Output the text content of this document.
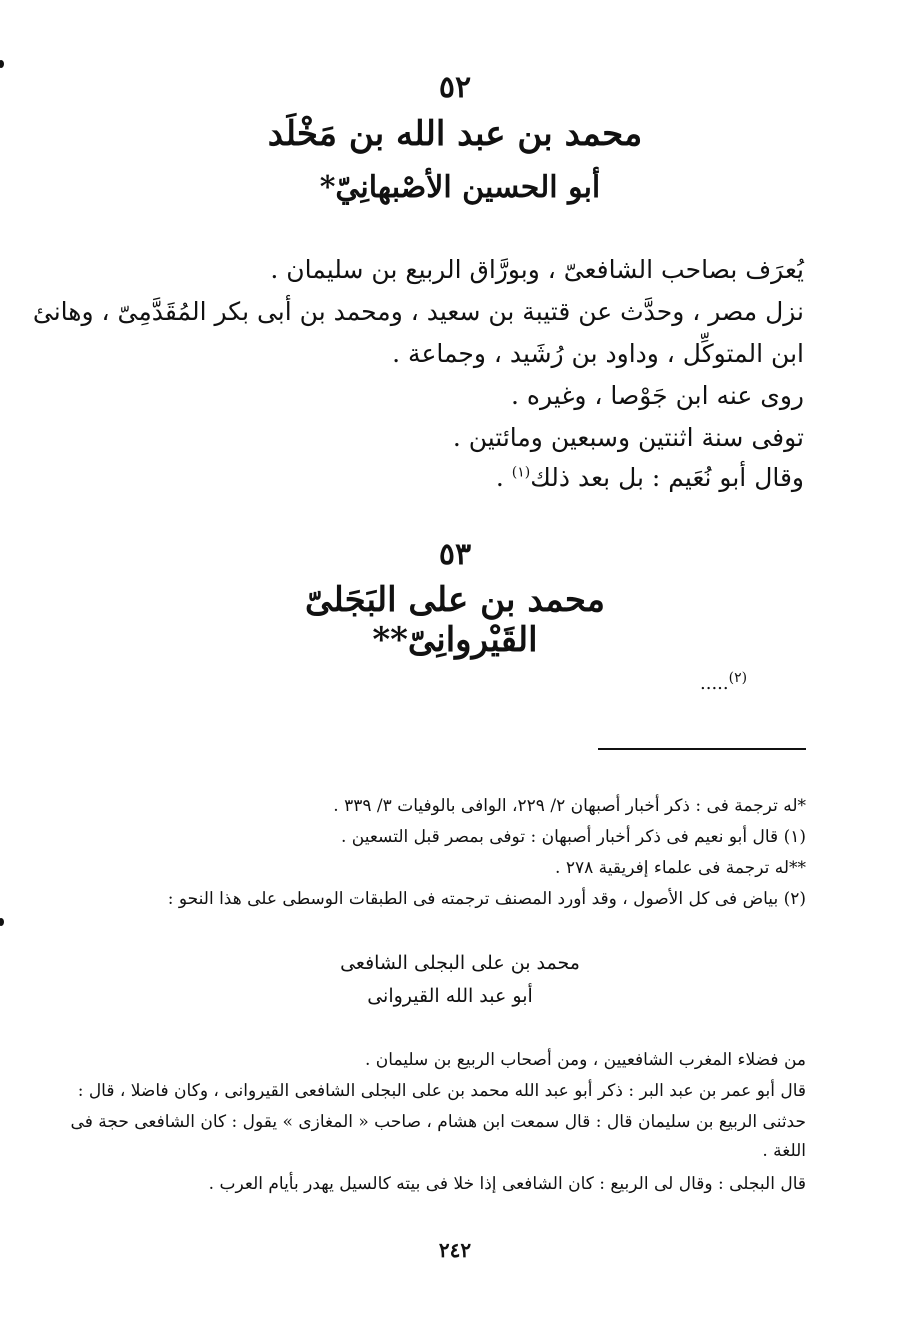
٥٢
محمد بن عبد الله بن مَخْلَد
أبو الحسين الأصْبهانِيّ*
يُعرَف بصاحب الشافعىّ ، وبورَّاق الربيع بن سليمان .
نزل مصر ، وحدَّث عن قتيبة بن سعيد ، ومحمد بن أبى بكر المُقَدَّمِىّ ، وهانئ
ابن المتوكِّل ، وداود بن رُشَيد ، وجماعة .
روى عنه ابن جَوْصا ، وغيره .
توفى سنة اثنتين وسبعين ومائتين .
وقال أبو نُعَيم : بل بعد ذلك$^{(١)}$ .
٥٣
محمد بن على البَجَلىّ القَيْروانِىّ**
$^{(٢)}$.....
*له ترجمة فى : ذكر أخبار أصبهان ٢/ ٢٢٩، الوافى بالوفيات ٣/ ٣٣٩ .
(١) قال أبو نعيم فى ذكر أخبار أصبهان : توفى بمصر قبل التسعين .
**له ترجمة فى علماء إفريقية ٢٧٨ .
(٢) بياض فى كل الأصول ، وقد أورد المصنف ترجمته فى الطبقات الوسطى على هذا النحو :
محمد بن على البجلى الشافعى
أبو عبد الله القيروانى
من فضلاء المغرب الشافعيين ، ومن أصحاب الربيع بن سليمان .
قال أبو عمر بن عبد البر : ذكر أبو عبد الله محمد بن على البجلى الشافعى القيروانى ، وكان فاضلا ، قال :
حدثنى الربيع بن سليمان قال : قال سمعت ابن هشام ، صاحب « المغازى » يقول : كان الشافعى حجة فى
اللغة .
قال البجلى : وقال لى الربيع : كان الشافعى إذا خلا فى بيته كالسيل يهدر بأيام العرب .
٢٤٢
